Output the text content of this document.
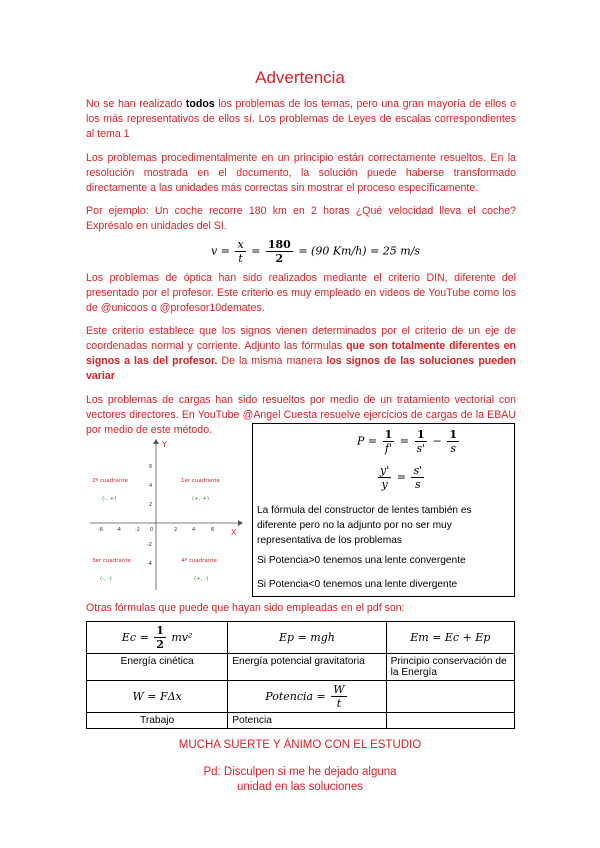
Advertencia
No se han realizado todos los problemas de los temas, pero una gran mayoría de ellos o los más representativos de ellos sí. Los problemas de Leyes de escalas correspondientes al tema 1
Los problemas procedimentalmente en un principio están correctamente resueltos. En la resolución mostrada en el documento, la solución puede haberse transformado directamente a las unidades más correctas sin mostrar el proceso específicamente.
Por ejemplo: Un coche recorre 180 km en 2 horas ¿Qué velocidad lleva el coche? Exprésalo en unidades del SI.
$v = \frac{x}{t} = \frac{180}{2} = (90$ Km/h) = 25 m/s
Los problemas de óptica han sido realizados mediante el criterio DIN, diferente del presentado por el profesor. Este criterio es muy empleado en videos de YouTube como los de @unicoos o @profesor10demates.
Este criterio establece que los signos vienen determinados por el criterio de un eje de coordenadas normal y corriente. Adjunto las fórmulas que son totalmente diferentes en signos a las del profesor. De la misma manera los signos de las soluciones pueden variar
Los problemas de cargas han sido resueltos por medio de un tratamiento vectorial con vectores directores. En YouTube @Angel Cuesta resuelve ejercicios de cargas de la EBAU por medio de este método.
-6	-4	-2 0	2	4	6
6
4
2
-2
-4
X
Y
2º cuadrante	1er cuadrante
3er cuadrante	4º cuadrante
(-, +)	(+, +)
(-, -)	(+, -)
$P = \frac{1}{f'} = \frac{1}{s'} - \frac{1}{s}$
$\frac{y'}{y} = \frac{s'}{s}$
La fórmula del constructor de lentes también es diferente pero no la adjunto por no ser muy representativa de los problemas
Si Potencia>0 tenemos una lente convergente
Si Potencia<0 tenemos una lente divergente
Otras fórmulas que puede que hayan sido empleadas en el pdf son:
$Ec = \frac{1}{2} mv^2$	Ep = mgh	Em = Ec + Ep
Energía cinética	Energía potencial gravitatoria	Principio conservación de la Energía
W = FΔx	Potencia = $\frac{W}{t}$

Trabajo	Potencia	
MUCHA SUERTE Y ÁNIMO CON EL ESTUDIO
Pd: Disculpen si me he dejado alguna
unidad en las soluciones
